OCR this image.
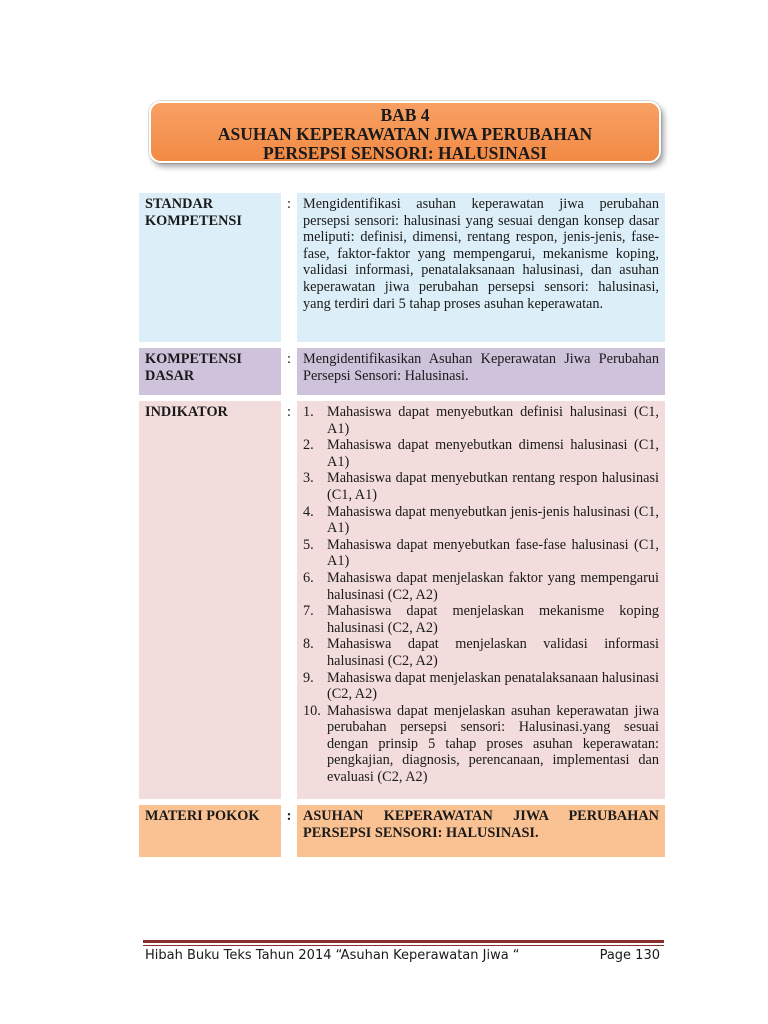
BAB 4
ASUHAN KEPERAWATAN JIWA PERUBAHAN
PERSEPSI SENSORI: HALUSINASI
STANDAR
KOMPETENSI
: Mengidentifikasi asuhan keperawatan jiwa perubahan persepsi sensori: halusinasi yang sesuai dengan konsep dasar meliputi: definisi, dimensi, rentang respon, jenis-jenis, fase-fase, faktor-faktor yang mempengarui, mekanisme koping, validasi informasi, penatalaksanaan halusinasi, dan asuhan keperawatan jiwa perubahan persepsi sensori: halusinasi, yang terdiri dari 5 tahap proses asuhan keperawatan.
KOMPETENSI
DASAR
: Mengidentifikasikan Asuhan Keperawatan Jiwa Perubahan Persepsi Sensori: Halusinasi.
INDIKATOR	: 1. Mahasiswa dapat menyebutkan definisi halusinasi (C1, A1)
2. Mahasiswa dapat menyebutkan dimensi halusinasi (C1, A1)
3. Mahasiswa dapat menyebutkan rentang respon halusinasi (C1, A1)
4. Mahasiswa dapat menyebutkan jenis-jenis halusinasi (C1, A1)
5. Mahasiswa dapat menyebutkan fase-fase halusinasi (C1, A1)
6. Mahasiswa dapat menjelaskan faktor yang mempengarui halusinasi (C2, A2)
7. Mahasiswa dapat menjelaskan mekanisme koping halusinasi (C2, A2)
8. Mahasiswa dapat menjelaskan validasi informasi halusinasi (C2, A2)
9. Mahasiswa dapat menjelaskan penatalaksanaan halusinasi (C2, A2)
10. Mahasiswa dapat menjelaskan asuhan keperawatan jiwa perubahan persepsi sensori: Halusinasi.yang sesuai dengan prinsip 5 tahap proses asuhan keperawatan: pengkajian, diagnosis, perencanaan, implementasi dan evaluasi (C2, A2)
MATERI POKOK	: ASUHAN KEPERAWATAN JIWA PERUBAHAN PERSEPSI SENSORI: HALUSINASI.
Hibah Buku Teks Tahun 2014 “Asuhan Keperawatan Jiwa “	Page 130
